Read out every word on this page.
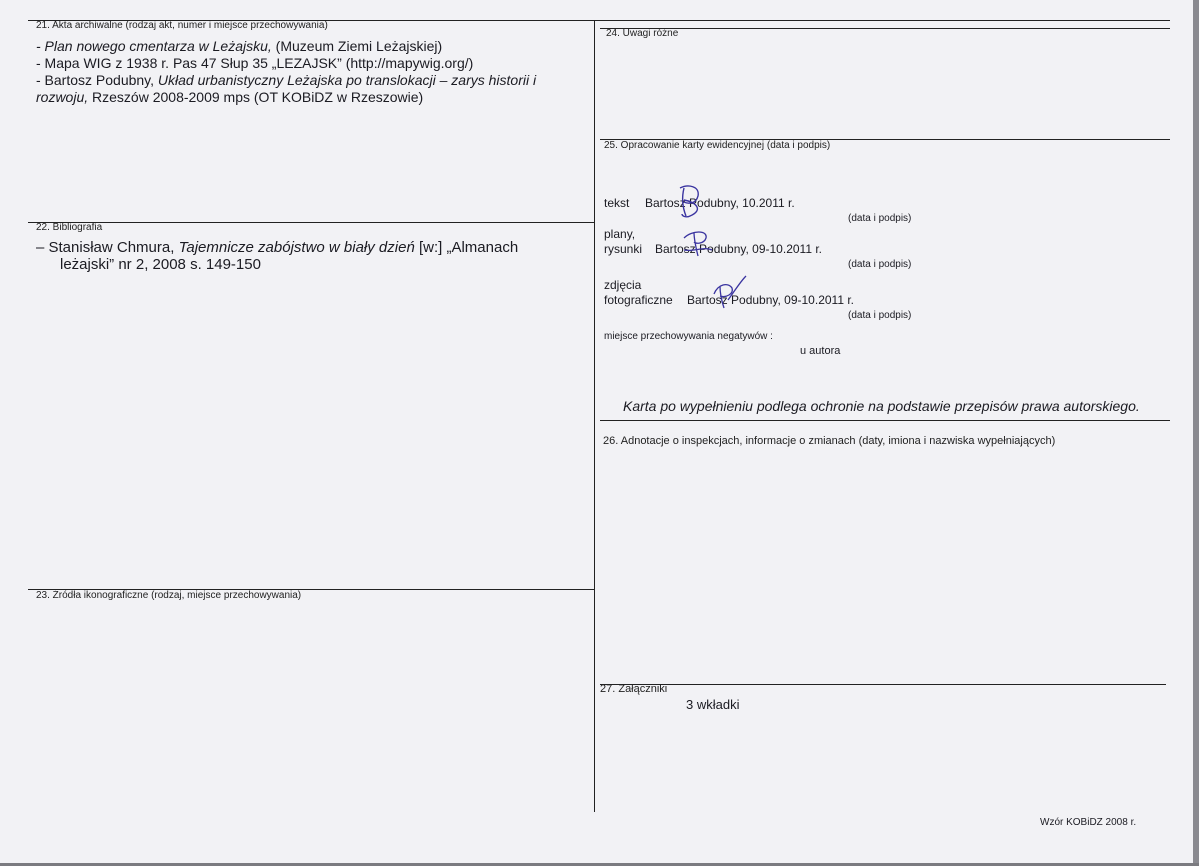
21. Akta archiwalne (rodzaj akt, numer i miejsce przechowywania)
- Plan nowego cmentarza w Leżajsku, (Muzeum Ziemi Leżajskiej)
- Mapa WIG z 1938 r. Pas 47 Słup 35 „LEZAJSK” (http://mapywig.org/)
- Bartosz Podubny, Układ urbanistyczny Leżajska po translokacji – zarys historii i
rozwoju, Rzeszów 2008-2009 mps (OT KOBiDZ w Rzeszowie)
22. Bibliografia
– Stanisław Chmura, Tajemnicze zabójstwo w biały dzień [w:] „Almanach
leżajski” nr 2, 2008 s. 149-150
23. Źródła ikonograficzne (rodzaj, miejsce przechowywania)
24. Uwagi różne
25. Opracowanie karty ewidencyjnej (data i podpis)
tekst Bartosz Podubny, 10.2011 r.
(data i podpis)
plany,
rysunki Bartosz Podubny, 09-10.2011 r.
(data i podpis)
zdjęcia
fotograficzne Bartosz Podubny, 09-10.2011 r.
(data i podpis)
miejsce przechowywania negatywów :
u autora
Karta po wypełnieniu podlega ochronie na podstawie przepisów prawa autorskiego.
26. Adnotacje o inspekcjach, informacje o zmianach (daty, imiona i nazwiska wypełniających)
27. Załączniki
3 wkładki
Wzór KOBiDZ 2008 r.
